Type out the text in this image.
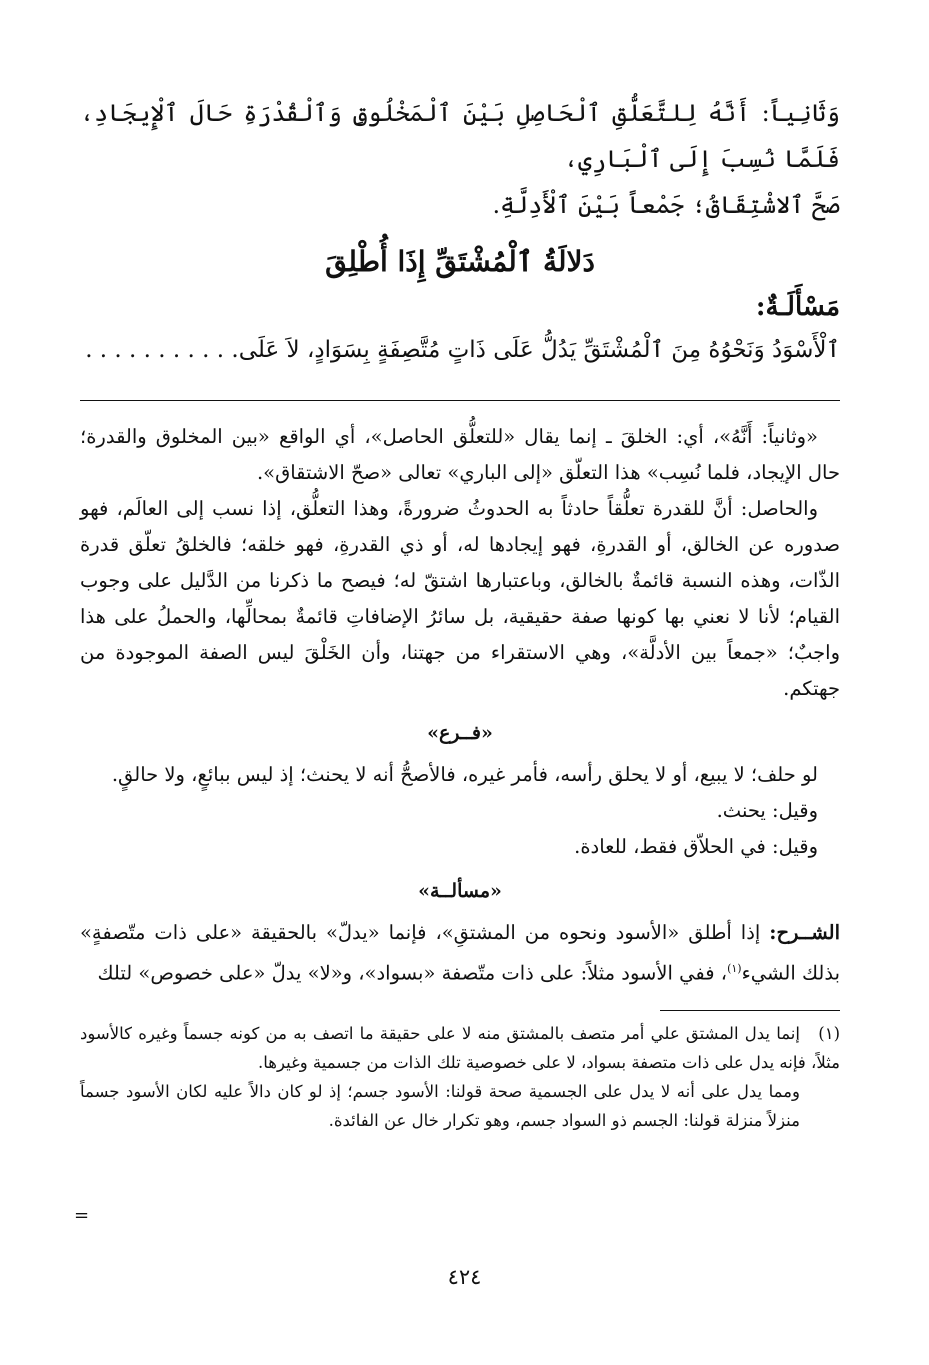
وَثَانِياً: أَنَّهُ لِلتَّعَلُّقِ ٱلْحَاصِلِ بَيْنَ ٱلْمَخْلُوقِ وَٱلْقُدْرَةِ حَالَ ٱلْإِيجَادِ، فَلَمَّا نُسِبَ إِلَى ٱلْبَارِي،

صَحَّ ٱلاشْتِقَاقُ؛ جَمْعاً بَيْنَ ٱلْأَدِلَّةِ.

دَلالَةُ ٱلْمُشْتَقِّ إِذَا أُطْلِقَ

مَسْأَلَـةٌ:

ٱلْأَسْوَدُ وَنَحْوُهُ مِنَ ٱلْمُشْتَقِّ يَدُلُّ عَلَى ذَاتٍ مُتَّصِفَةٍ بِسَوَادٍ، لاَ عَلَى. . . . . . . . . . .

«وثانياً: أَنَّهُ»، أي: الخلقَ ـ إنما يقال «للتعلُّق الحاصل»، أي الواقع «بين المخلوق والقدرة؛ حال الإيجاد، فلما نُسِب» هذا التعلّق «إلى الباري» تعالى «صحّ الاشتقاق».

والحاصل: أنَّ للقدرة تعلُّقاً حادثاً به الحدوثُ ضرورةً، وهذا التعلُّق، إذا نسب إلى العالَم، فهو صدوره عن الخالق، أو القدرةِ، فهو إيجادها له، أو ذي القدرةِ، فهو خلقه؛ فالخلقُ تعلّق قدرة الذّات، وهذه النسبة قائمةٌ بالخالق، وباعتبارها اشتقّ له؛ فيصح ما ذكرنا من الدَّليل على وجوب القيام؛ لأنا لا نعني بها كونها صفة حقيقية، بل سائرُ الإضافاتِ قائمةٌ بمحالِّها، والحملُ على هذا واجبٌ؛ «جمعاً بين الأدلَّة»، وهي الاستقراء من جهتنا، وأن الخَلْقَ ليس الصفة الموجودة من جهتكم.

«فــرع»

لو حلف؛ لا يبيع، أو لا يحلق رأسه، فأمر غيره، فالأصحُّ أنه لا يحنث؛ إذ ليس ببائعٍ، ولا حالقٍ.

وقيل: يحنث.

وقيل: في الحلاّق فقط، للعادة.

«مسألــة»

الشــرح: إذا أطلق «الأسود ونحوه من المشتقِ»، فإنما «يدلّ» بالحقيقة «على ذات متّصفةٍ» بذلك الشيء$^{(١)}$، ففي الأسود مثلاً: على ذات متّصفة «بسواد»، و«لا» يدلّ «على خصوص» لتلك

(١)إنما يدل المشتق علي أمر متصف بالمشتق منه لا على حقيقة ما اتصف به من كونه جسماً وغيره كالأسود مثلاً، فإنه يدل على ذات متصفة بسواد، لا على خصوصية تلك الذات من جسمية وغيرها.

ومما يدل على أنه لا يدل على الجسمية صحة قولنا: الأسود جسم؛ إذ لو كان دالاً عليه لكان الأسود جسماً منزلاً منزلة قولنا: الجسم ذو السواد جسم، وهو تكرار خال عن الفائدة.

=
٤٢٤
